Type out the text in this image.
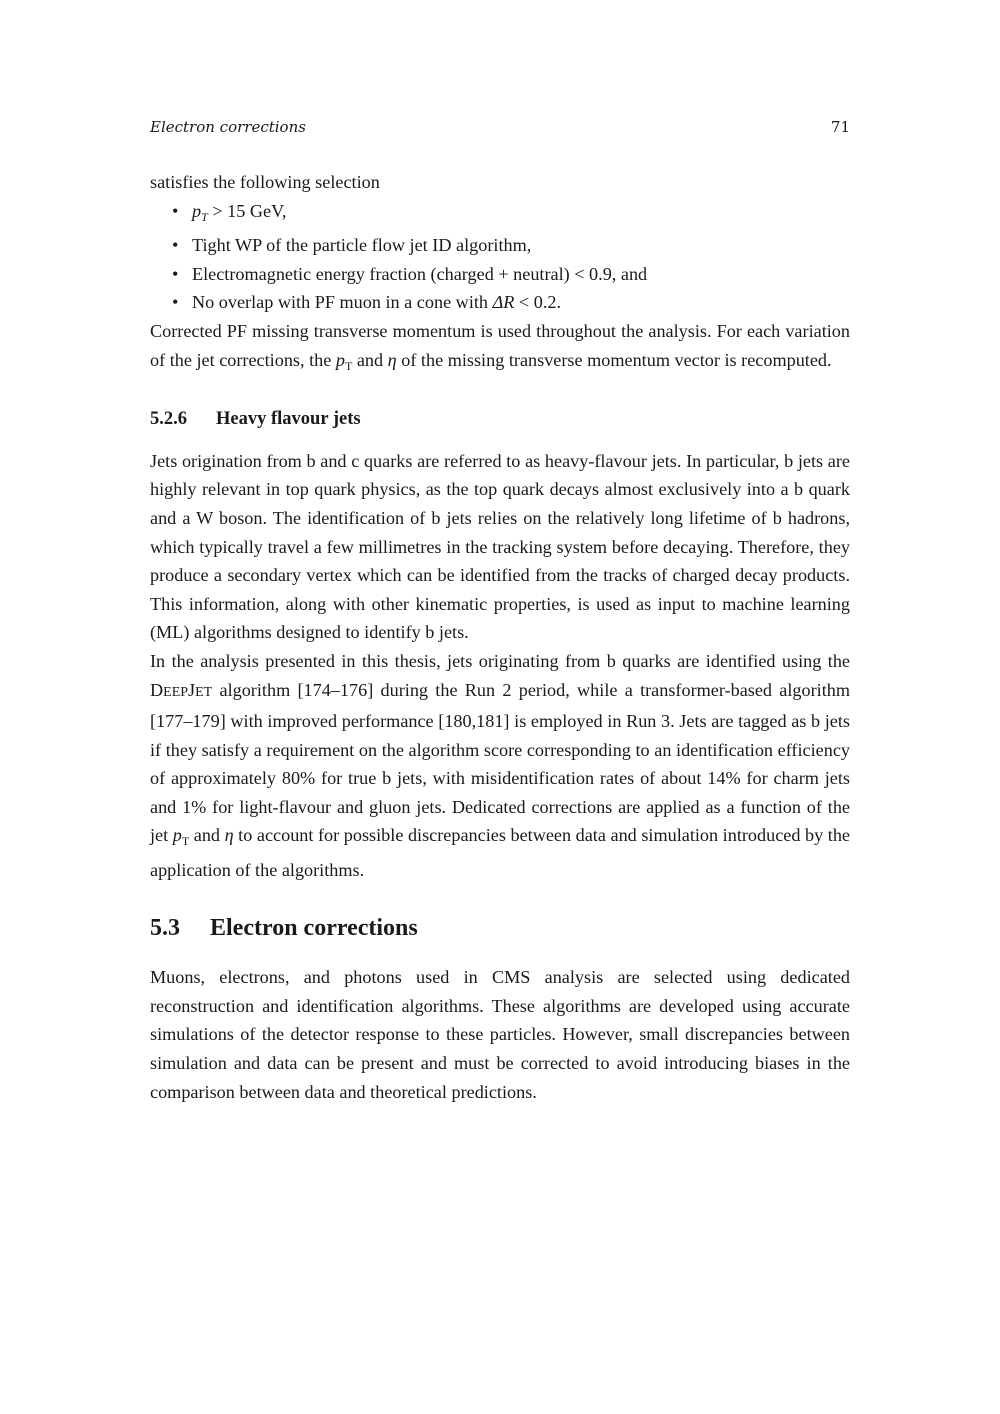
Electron corrections	71

satisfies the following selection

• $p_T > 15$ GeV,
• Tight WP of the particle flow jet ID algorithm,
• Electromagnetic energy fraction (charged + neutral) < 0.9, and
• No overlap with PF muon in a cone with ΔR < 0.2.

Corrected PF missing transverse momentum is used throughout the analysis. For each variation of the jet corrections, the $p_T$ and η of the missing transverse momentum vector is recomputed.

5.2.6 Heavy flavour jets

Jets origination from b and c quarks are referred to as heavy-flavour jets. In particular, b jets are highly relevant in top quark physics, as the top quark decays almost exclusively into a b quark and a W boson. The identification of b jets relies on the relatively long lifetime of b hadrons, which typically travel a few millimetres in the tracking system before decaying. Therefore, they produce a secondary vertex which can be identified from the tracks of charged decay products. This information, along with other kinematic properties, is used as input to machine learning (ML) algorithms designed to identify b jets.

In the analysis presented in this thesis, jets originating from b quarks are identified using the DEEPJET algorithm [174–176] during the Run 2 period, while a transformer-based algorithm [177–179] with improved performance [180,181] is employed in Run 3. Jets are tagged as b jets if they satisfy a requirement on the algorithm score corresponding to an identification efficiency of approximately 80% for true b jets, with misidentification rates of about 14% for charm jets and 1% for light-flavour and gluon jets. Dedicated corrections are applied as a function of the jet $p_T$ and η to account for possible discrepancies between data and simulation introduced by the application of the algorithms.

5.3 Electron corrections

Muons, electrons, and photons used in CMS analysis are selected using dedicated reconstruction and identification algorithms. These algorithms are developed using accurate simulations of the detector response to these particles. However, small discrepancies between simulation and data can be present and must be corrected to avoid introducing biases in the comparison between data and theoretical predictions.
